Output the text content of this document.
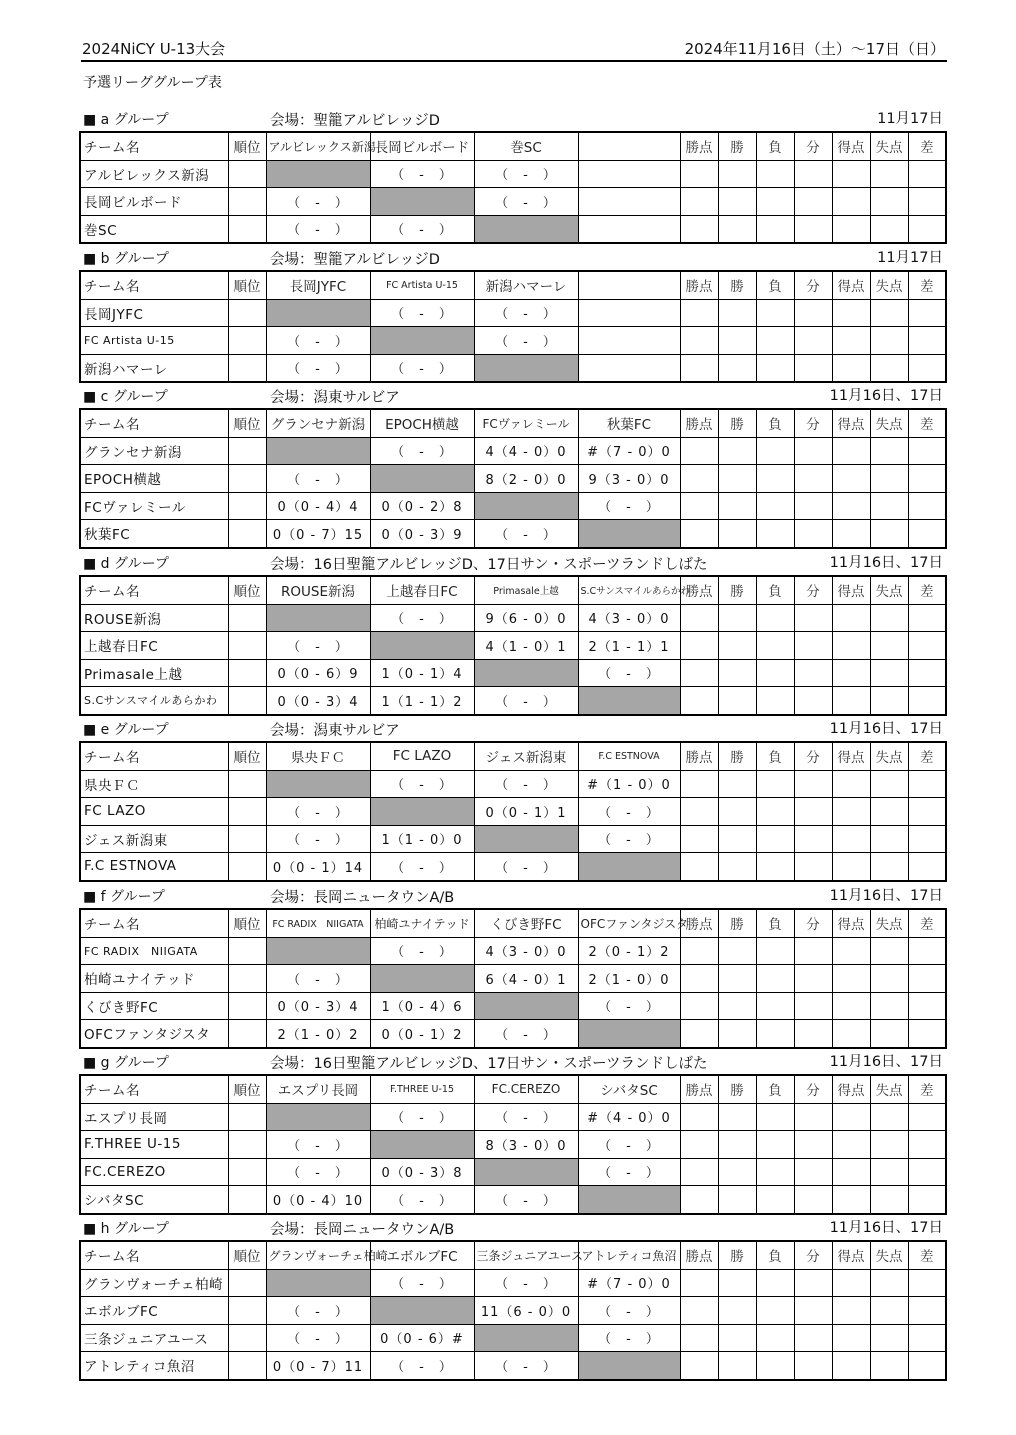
2024NiCY U-13大会	2024年11月16日（土）～17日（日）
予選リーググループ表
■ a グループ	会場：聖籠アルビレッジD	11月17日
チーム名	順位	アルビレックス新潟	長岡ビルボード	巻SC		勝点	勝	負	分	得点	失点	差
アルビレックス新潟			（　-　）	（　-　）								
長岡ビルボード		（　-　）		（　-　）								
巻SC		（　-　）	（　-　）									
■ b グループ	会場：聖籠アルビレッジD	11月17日
チーム名	順位	長岡JYFC	FC Artista U-15	新潟ハマーレ		勝点	勝	負	分	得点	失点	差
長岡JYFC			（　-　）	（　-　）								
FC Artista U-15		（　-　）		（　-　）								
新潟ハマーレ		（　-　）	（　-　）									
■ c グループ	会場：潟東サルビア	11月16日、17日
チーム名	順位	グランセナ新潟	EPOCH横越	FCヴァレミール	秋葉FC	勝点	勝	負	分	得点	失点	差
グランセナ新潟			（　-　）	4（4 - 0）0	#（7 - 0）0							
EPOCH横越		（　-　）		8（2 - 0）0	9（3 - 0）0							
FCヴァレミール		0（0 - 4）4	0（0 - 2）8		（　-　）							
秋葉FC		0（0 - 7）15	0（0 - 3）9	（　-　）								
■ d グループ	会場：16日聖籠アルビレッジD、17日サン・スポーツランドしばた	11月16日、17日
チーム名	順位	ROUSE新潟	上越春日FC	Primasale上越	S.Cサンスマイルあらかわ	勝点	勝	負	分	得点	失点	差
ROUSE新潟			（　-　）	9（6 - 0）0	4（3 - 0）0							
上越春日FC		（　-　）		4（1 - 0）1	2（1 - 1）1							
Primasale上越		0（0 - 6）9	1（0 - 1）4		（　-　）							
S.Cサンスマイルあらかわ		0（0 - 3）4	1（1 - 1）2	（　-　）								
■ e グループ	会場：潟東サルビア	11月16日、17日
チーム名	順位	県央ＦＣ	FC LAZO	ジェス新潟東	F.C ESTNOVA	勝点	勝	負	分	得点	失点	差
県央ＦＣ			（　-　）	（　-　）	#（1 - 0）0							
FC LAZO		（　-　）		0（0 - 1）1	（　-　）							
ジェス新潟東		（　-　）	1（1 - 0）0		（　-　）							
F.C ESTNOVA		0（0 - 1）14	（　-　）	（　-　）								
■ f グループ	会場：長岡ニュータウンA/B	11月16日、17日
チーム名	順位	FC RADIX　NIIGATA	柏崎ユナイテッド	くびき野FC	OFCファンタジスタ	勝点	勝	負	分	得点	失点	差
FC RADIX　NIIGATA			（　-　）	4（3 - 0）0	2（0 - 1）2							
柏崎ユナイテッド		（　-　）		6（4 - 0）1	2（1 - 0）0							
くびき野FC		0（0 - 3）4	1（0 - 4）6		（　-　）							
OFCファンタジスタ		2（1 - 0）2	0（0 - 1）2	（　-　）								
■ g グループ	会場：16日聖籠アルビレッジD、17日サン・スポーツランドしばた	11月16日、17日
チーム名	順位	エスプリ長岡	F.THREE U-15	FC.CEREZO	シバタSC	勝点	勝	負	分	得点	失点	差
エスプリ長岡			（　-　）	（　-　）	#（4 - 0）0							
F.THREE U-15		（　-　）		8（3 - 0）0	（　-　）							
FC.CEREZO		（　-　）	0（0 - 3）8		（　-　）							
シバタSC		0（0 - 4）10	（　-　）	（　-　）								
■ h グループ	会場：長岡ニュータウンA/B	11月16日、17日
チーム名	順位	グランヴォーチェ柏崎	エボルブFC	三条ジュニアユース	アトレティコ魚沼	勝点	勝	負	分	得点	失点	差
グランヴォーチェ柏崎			（　-　）	（　-　）	#（7 - 0）0							
エボルブFC		（　-　）		11（6 - 0）0	（　-　）							
三条ジュニアユース		（　-　）	0（0 - 6）#		（　-　）							
アトレティコ魚沼		0（0 - 7）11	（　-　）	（　-　）								
